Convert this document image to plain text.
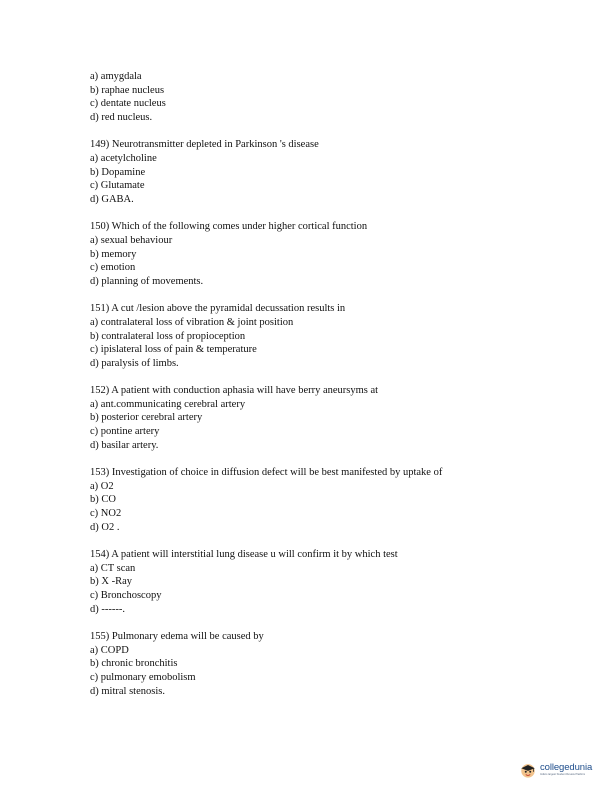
a) amygdala
b) raphae nucleus
c) dentate nucleus
d) red nucleus.
149) Neurotransmitter depleted in Parkinson 's disease
a) acetylcholine
b) Dopamine
c) Glutamate
d) GABA.
150) Which of the following comes under higher cortical function
a) sexual behaviour
b) memory
c) emotion
d) planning of movements.
151) A cut /lesion above the pyramidal decussation results in
a) contralateral loss of vibration & joint position
b) contralateral loss of propioception
c) ipislateral loss of pain & temperature
d) paralysis of limbs.
152) A patient with conduction aphasia will have berry aneursyms at
a) ant.communicating cerebral artery
b) posterior cerebral artery
c) pontine artery
d) basilar artery.
153) Investigation of choice in diffusion defect will be best manifested by uptake of
a) O2
b) CO
c) NO2
d) O2 .
154) A patient will interstitial lung disease u will confirm it by which test
a) CT scan
b) X -Ray
c) Bronchoscopy
d) ------.
155) Pulmonary edema will be caused by
a) COPD
b) chronic bronchitis
c) pulmonary emobolism
d) mitral stenosis.
collegedunia
India's largest Student Review Platform
